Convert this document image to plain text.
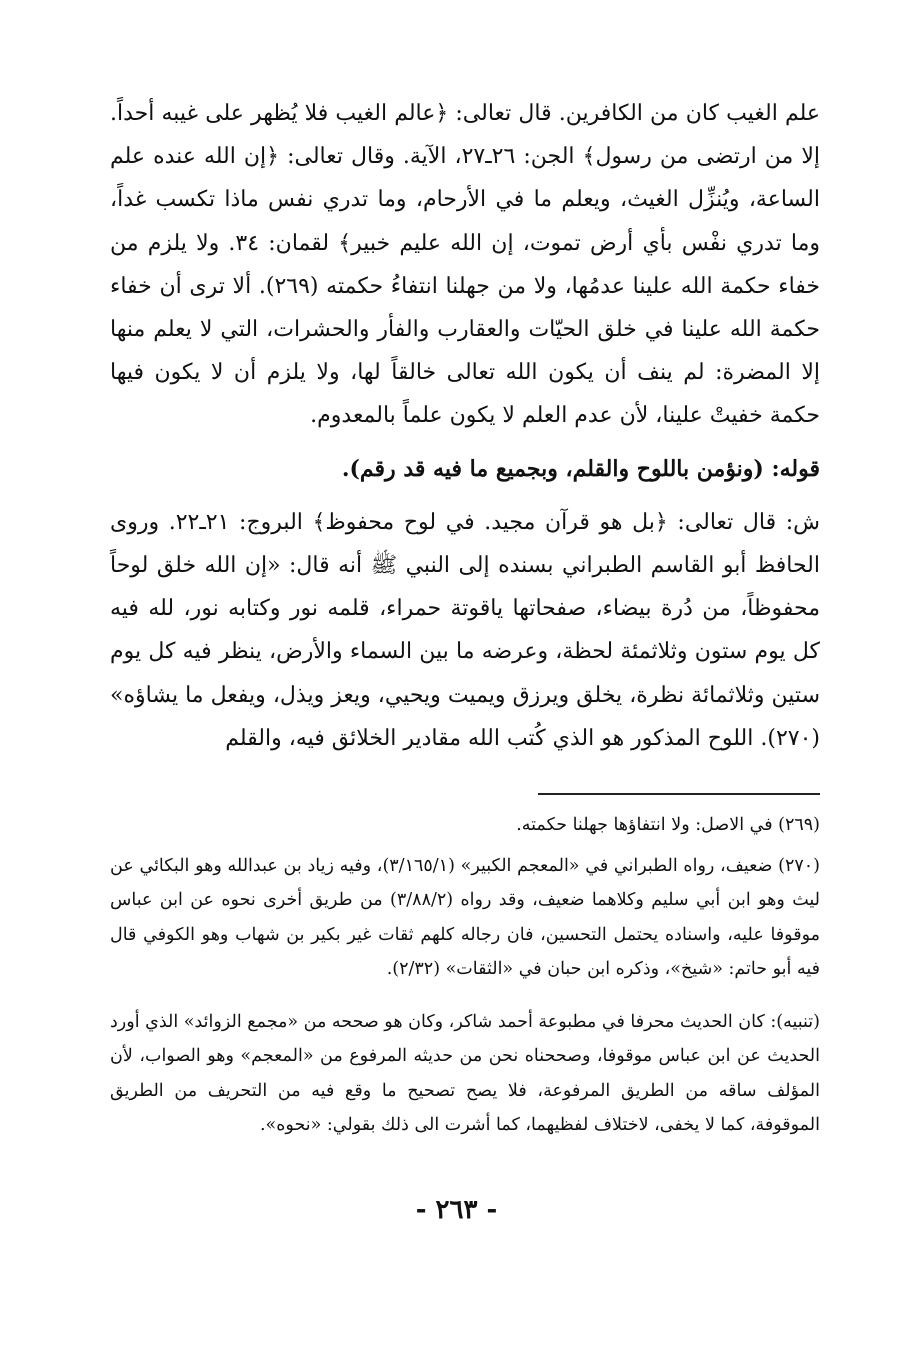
علم الغيب كان من الكافرين. قال تعالى: ﴿عالم الغيب فلا يُظهر على غيبه أحداً. إلا من ارتضى من رسول﴾ الجن: ٢٦ـ٢٧، الآية. وقال تعالى: ﴿إن الله عنده علم الساعة، ويُنزِّل الغيث، ويعلم ما في الأرحام، وما تدري نفس ماذا تكسب غداً، وما تدري نفْس بأي أرض تموت، إن الله عليم خبير﴾ لقمان: ٣٤. ولا يلزم من خفاء حكمة الله علينا عدمُها، ولا من جهلنا انتفاءُ حكمته (٢٦٩). ألا ترى أن خفاء حكمة الله علينا في خلق الحيّات والعقارب والفأر والحشرات، التي لا يعلم منها إلا المضرة: لم ينف أن يكون الله تعالى خالقاً لها، ولا يلزم أن لا يكون فيها حكمة خفيتْ علينا، لأن عدم العلم لا يكون علماً بالمعدوم.

قوله: (ونؤمن باللوح والقلم، وبجميع ما فيه قد رقم).

ش: قال تعالى: ﴿بل هو قرآن مجيد. في لوح محفوظ﴾ البروج: ٢١ـ٢٢. وروى الحافظ أبو القاسم الطبراني بسنده إلى النبي ﷺ أنه قال: «إن الله خلق لوحاً محفوظاً، من دُرة بيضاء، صفحاتها ياقوتة حمراء، قلمه نور وكتابه نور، لله فيه كل يوم ستون وثلاثمئة لحظة، وعرضه ما بين السماء والأرض، ينظر فيه كل يوم ستين وثلاثمائة نظرة، يخلق ويرزق ويميت ويحيي، ويعز ويذل، ويفعل ما يشاؤه» (٢٧٠). اللوح المذكور هو الذي كُتب الله مقادير الخلائق فيه، والقلم

(٢٦٩) في الاصل: ولا انتفاؤها جهلنا حكمته.

(٢٧٠) ضعيف، رواه الطبراني في «المعجم الكبير» (٣/١٦٥/١)، وفيه زياد بن عبدالله وهو البكائي عن ليث وهو ابن أبي سليم وكلاهما ضعيف، وقد رواه (٣/٨٨/٢) من طريق أخرى نحوه عن ابن عباس موقوفا عليه، واسناده يحتمل التحسين، فان رجاله كلهم ثقات غير بكير بن شهاب وهو الكوفي قال فيه أبو حاتم: «شيخ»، وذكره ابن حبان في «الثقات» (٢/٣٢).

(تنبيه): كان الحديث محرفا في مطبوعة أحمد شاكر، وكان هو صححه من «مجمع الزوائد» الذي أورد الحديث عن ابن عباس موقوفا، وصححناه نحن من حديثه المرفوع من «المعجم» وهو الصواب، لأن المؤلف ساقه من الطريق المرفوعة، فلا يصح تصحيح ما وقع فيه من التحريف من الطريق الموقوفة، كما لا يخفى، لاختلاف لفظيهما، كما أشرت الى ذلك بقولي: «نحوه».

- ٢٦٣ -
